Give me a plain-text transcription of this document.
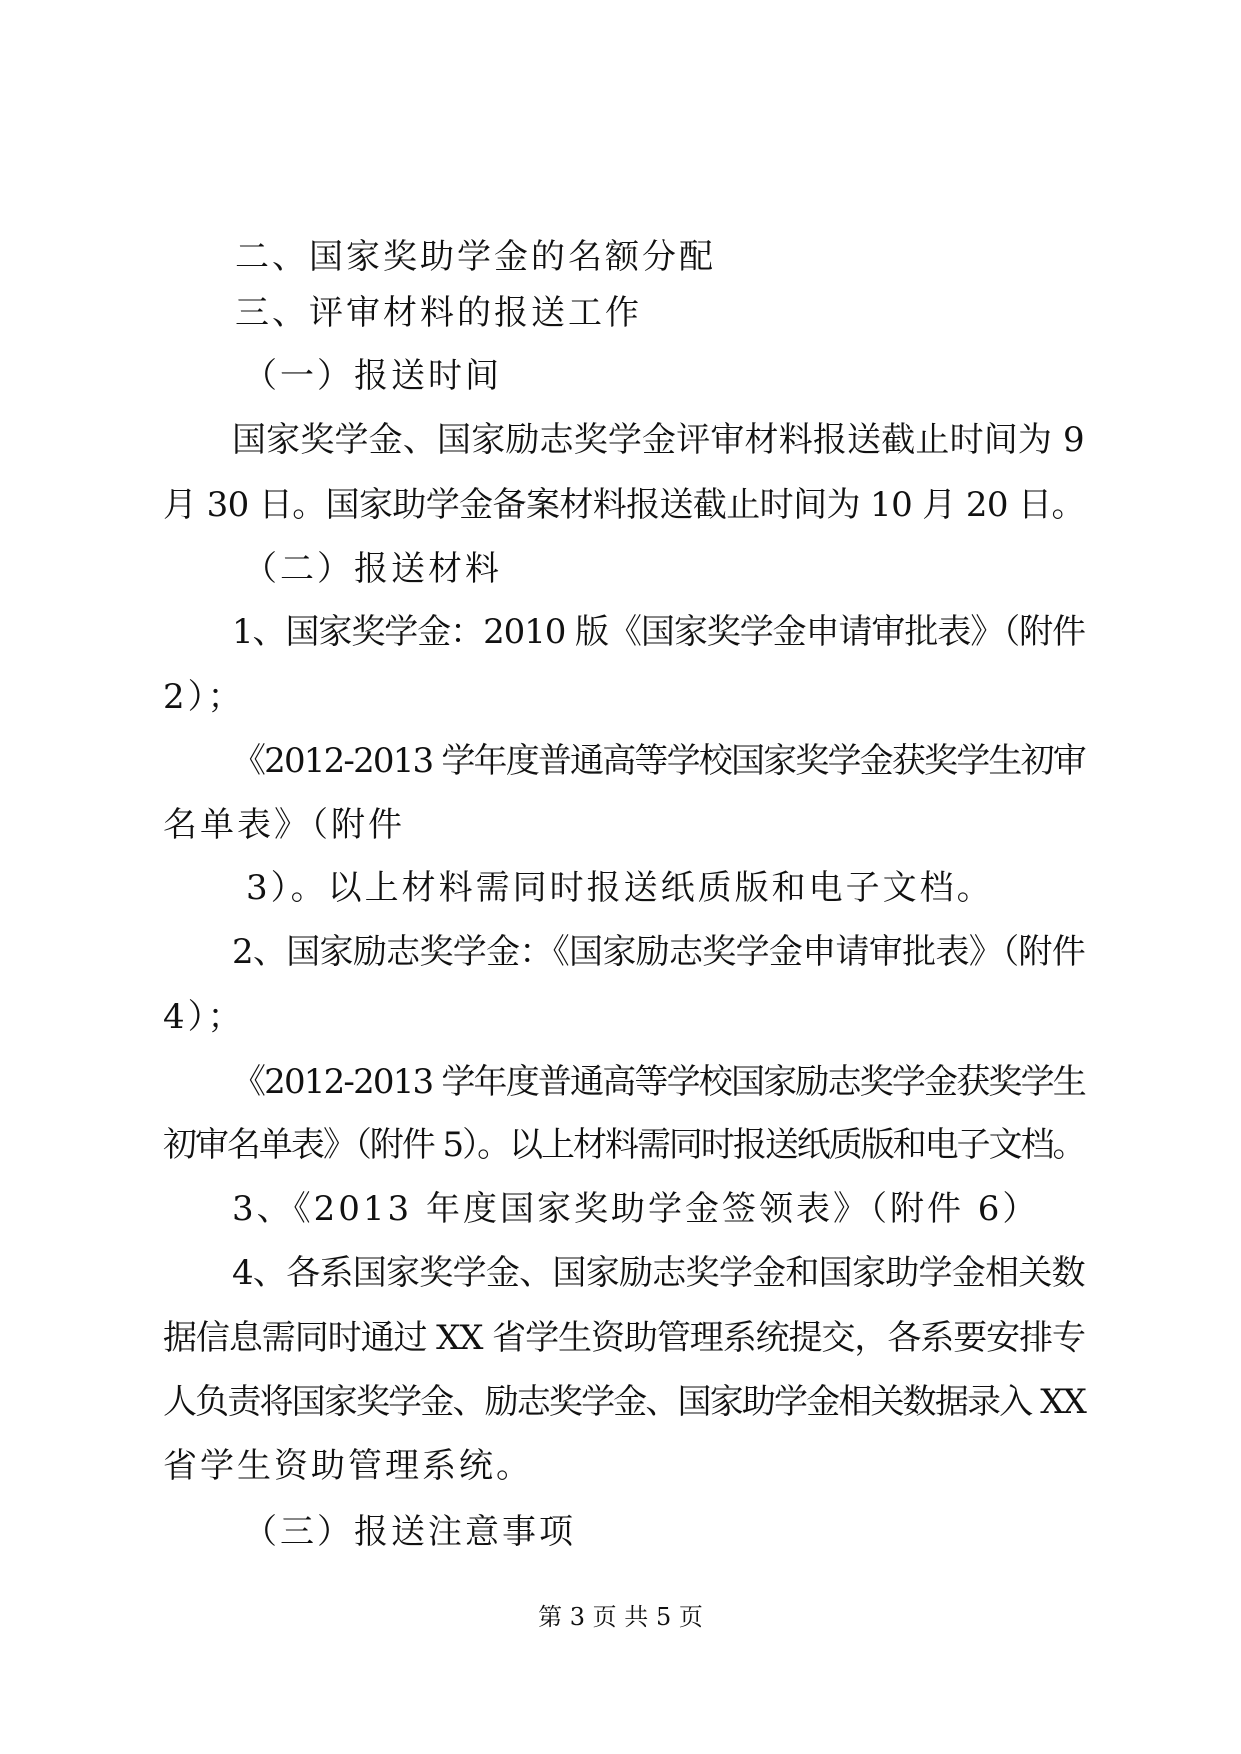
二、国家奖助学金的名额分配
三、评审材料的报送工作
（一）报送时间
国家奖学金、国家励志奖学金评审材料报送截止时间为 9
月 30 日。国家助学金备案材料报送截止时间为 10 月 20 日。
（二）报送材料
1、国家奖学金：2010 版《国家奖学金申请审批表》（附件
2）；
《2012-2013 学年度普通高等学校国家奖学金获奖学生初审
名单表》（附件
3）。以上材料需同时报送纸质版和电子文档。
2、国家励志奖学金：《国家励志奖学金申请审批表》（附件
4）；
《2012-2013 学年度普通高等学校国家励志奖学金获奖学生
初审名单表》（附件 5）。以上材料需同时报送纸质版和电子文档。
3、《2013 年度国家奖助学金签领表》（附件 6）
4、各系国家奖学金、国家励志奖学金和国家助学金相关数
据信息需同时通过 XX 省学生资助管理系统提交，各系要安排专
人负责将国家奖学金、励志奖学金、国家助学金相关数据录入 XX
省学生资助管理系统。
（三）报送注意事项
第 3 页 共 5 页
